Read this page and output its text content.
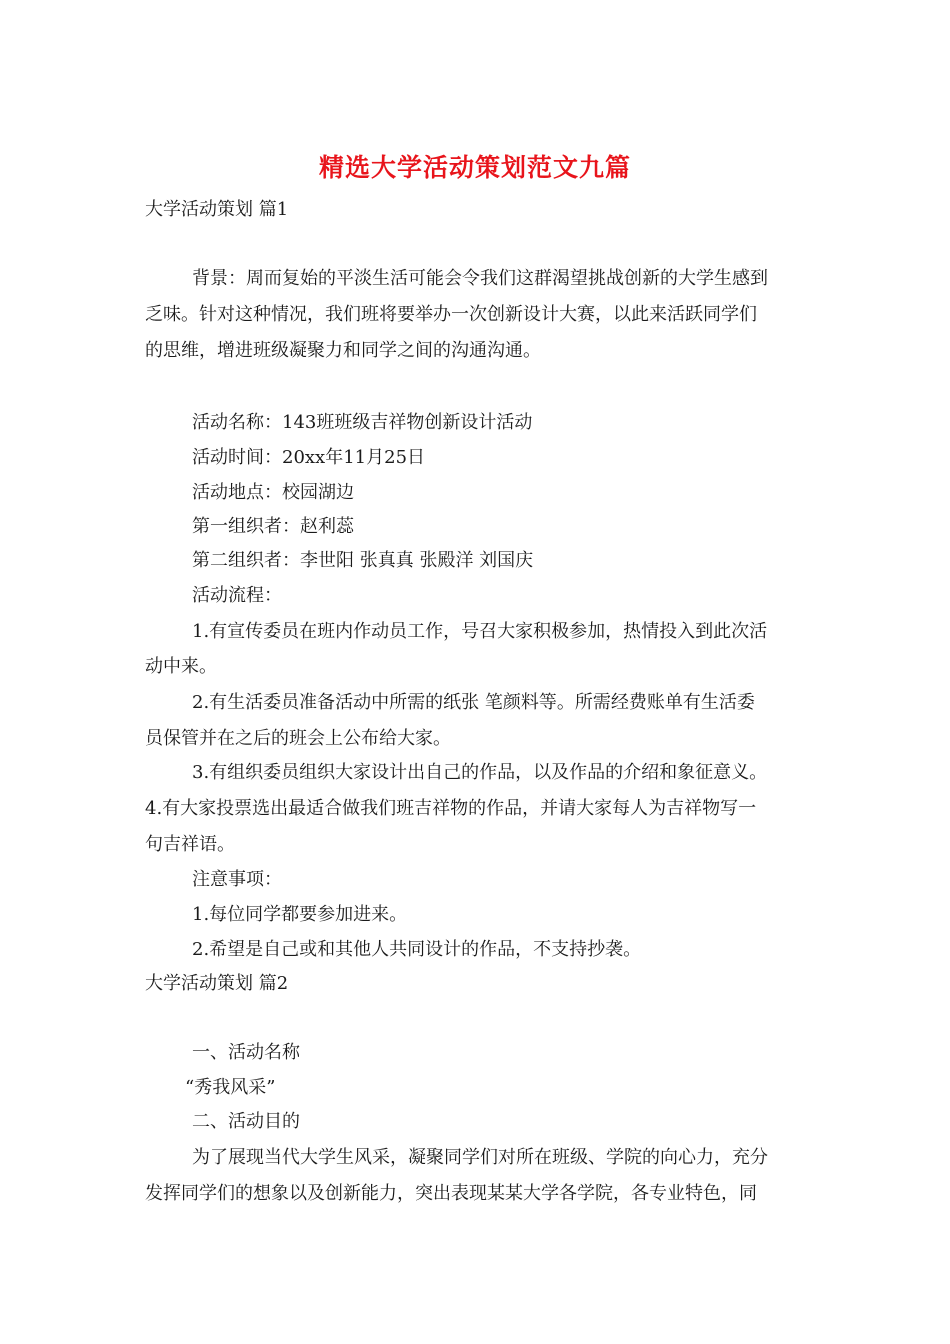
精选大学活动策划范文九篇
大学活动策划 篇1
背景：周而复始的平淡生活可能会令我们这群渴望挑战创新的大学生感到
乏味。针对这种情况，我们班将要举办一次创新设计大赛，以此来活跃同学们
的思维，增进班级凝聚力和同学之间的沟通沟通。
活动名称：143班班级吉祥物创新设计活动
活动时间：20xx年11月25日
活动地点：校园湖边
第一组织者：赵利蕊
第二组织者：李世阳 张真真 张殿洋 刘国庆
活动流程：
1.有宣传委员在班内作动员工作，号召大家积极参加，热情投入到此次活
动中来。
2.有生活委员准备活动中所需的纸张 笔颜料等。所需经费账单有生活委
员保管并在之后的班会上公布给大家。
3.有组织委员组织大家设计出自己的作品，以及作品的介绍和象征意义。
4.有大家投票选出最适合做我们班吉祥物的作品，并请大家每人为吉祥物写一
句吉祥语。
注意事项：
1.每位同学都要参加进来。
2.希望是自己或和其他人共同设计的作品，不支持抄袭。
大学活动策划 篇2
一、活动名称
“秀我风采”
二、活动目的
为了展现当代大学生风采，凝聚同学们对所在班级、学院的向心力，充分
发挥同学们的想象以及创新能力，突出表现某某大学各学院，各专业特色，同
